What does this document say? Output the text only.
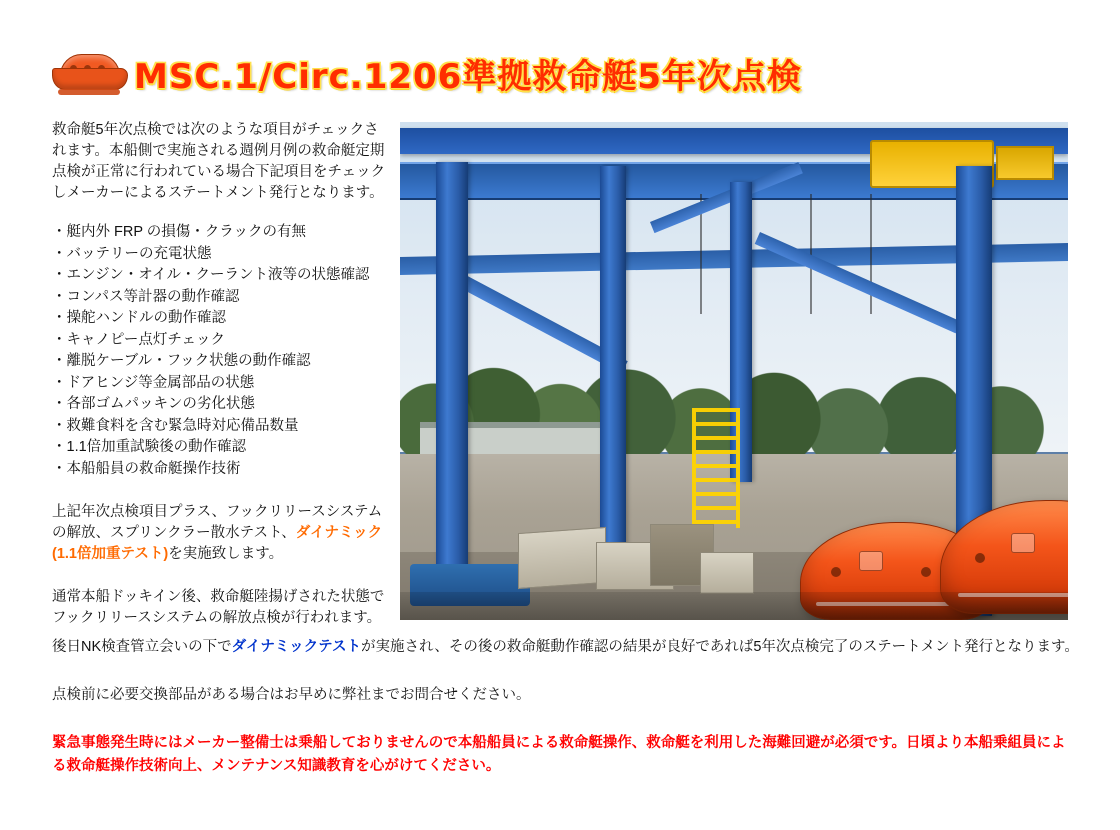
MSC.1/Circ.1206準拠救命艇5年次点検

救命艇5年次点検では次のような項目がチェックされます。本船側で実施される週例月例の救命艇定期点検が正常に行われている場合下記項目をチェックしメーカーによるステートメント発行となります。

・艇内外 FRP の損傷・クラックの有無
・バッテリーの充電状態
・エンジン・オイル・クーラント液等の状態確認
・コンパス等計器の動作確認
・操舵ハンドルの動作確認
・キャノピー点灯チェック
・離脱ケーブル・フック状態の動作確認
・ドアヒンジ等金属部品の状態
・各部ゴムパッキンの劣化状態
・救難食料を含む緊急時対応備品数量
・1.1倍加重試験後の動作確認
・本船船員の救命艇操作技術

上記年次点検項目プラス、フックリリースシステムの解放、スプリンクラー散水テスト、ダイナミック(1.1倍加重テスト)を実施致します。

通常本船ドッキイン後、救命艇陸揚げされた状態でフックリリースシステムの解放点検が行われます。

後日NK検査管立会いの下でダイナミックテストが実施され、その後の救命艇動作確認の結果が良好であれば5年次点検完了のステートメント発行となります。
点検前に必要交換部品がある場合はお早めに弊社までお問合せください。
緊急事態発生時にはメーカー整備士は乗船しておりませんので本船船員による救命艇操作、救命艇を利用した海難回避が必須です。日頃より本船乗組員による救命艇操作技術向上、メンテナンス知識教育を心がけてください。
